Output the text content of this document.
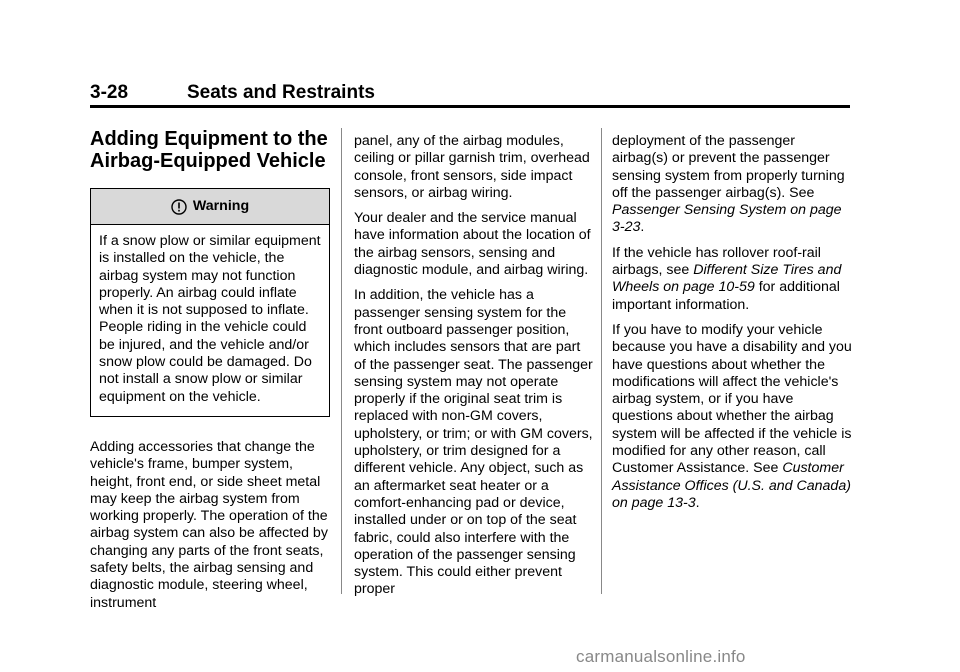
3-28	Seats and Restraints
Adding Equipment to the
Airbag-Equipped Vehicle
Warning
If a snow plow or similar equipment is installed on the vehicle, the airbag system may not function properly. An airbag could inflate when it is not supposed to inflate. People riding in the vehicle could be injured, and the vehicle and/or snow plow could be damaged. Do not install a snow plow or similar equipment on the vehicle.

Adding accessories that change the vehicle's frame, bumper system, height, front end, or side sheet metal may keep the airbag system from working properly. The operation of the airbag system can also be affected by changing any parts of the front seats, safety belts, the airbag sensing and diagnostic module, steering wheel, instrument

panel, any of the airbag modules, ceiling or pillar garnish trim, overhead console, front sensors, side impact sensors, or airbag wiring.

Your dealer and the service manual have information about the location of the airbag sensors, sensing and diagnostic module, and airbag wiring.

In addition, the vehicle has a passenger sensing system for the front outboard passenger position, which includes sensors that are part of the passenger seat. The passenger sensing system may not operate properly if the original seat trim is replaced with non-GM covers, upholstery, or trim; or with GM covers, upholstery, or trim designed for a different vehicle. Any object, such as an aftermarket seat heater or a comfort-enhancing pad or device, installed under or on top of the seat fabric, could also interfere with the operation of the passenger sensing system. This could either prevent proper

deployment of the passenger airbag(s) or prevent the passenger sensing system from properly turning off the passenger airbag(s). See Passenger Sensing System on page 3-23.

If the vehicle has rollover roof-rail airbags, see Different Size Tires and Wheels on page 10-59 for additional important information.

If you have to modify your vehicle because you have a disability and you have questions about whether the modifications will affect the vehicle's airbag system, or if you have questions about whether the airbag system will be affected if the vehicle is modified for any other reason, call Customer Assistance. See Customer Assistance Offices (U.S. and Canada) on page 13-3.

carmanualsonline.info
